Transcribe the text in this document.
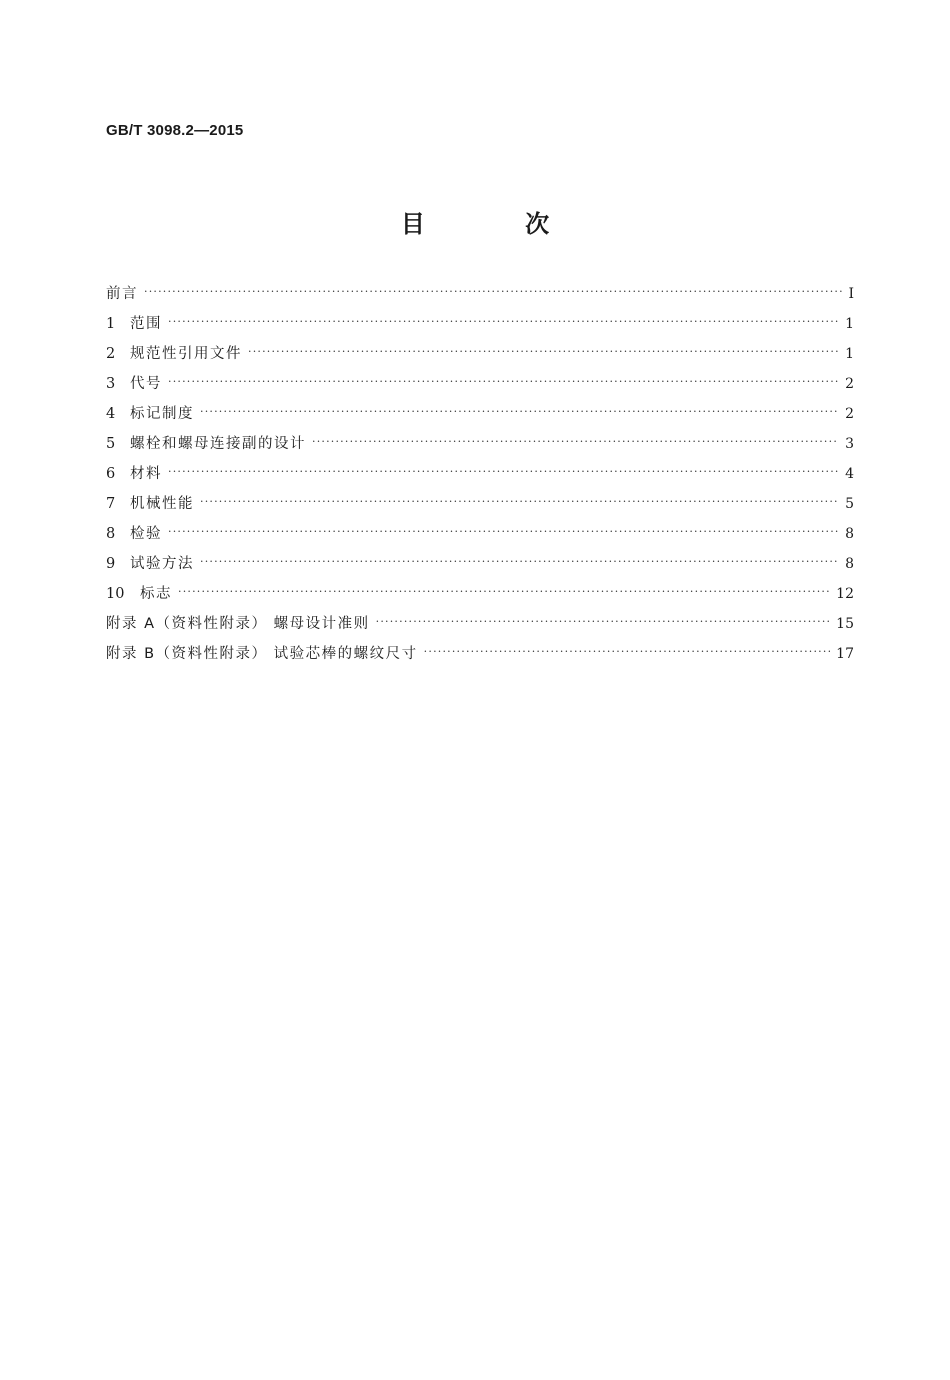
GB/T 3098.2—2015
目 次
前言 ·····	Ⅰ
1	范围 ·····	1
2	规范性引用文件 ·····	1
3	代号 ·····	2
4	标记制度 ·····	2
5	螺栓和螺母连接副的设计 ·····	3
6	材料 ·····	4
7	机械性能 ·····	5
8	检验 ·····	8
9	试验方法 ·····	8
10	标志 ·····	12
附录 A（资料性附录） 螺母设计准则 ·····	15
附录 B（资料性附录） 试验芯棒的螺纹尺寸 ·····	17
